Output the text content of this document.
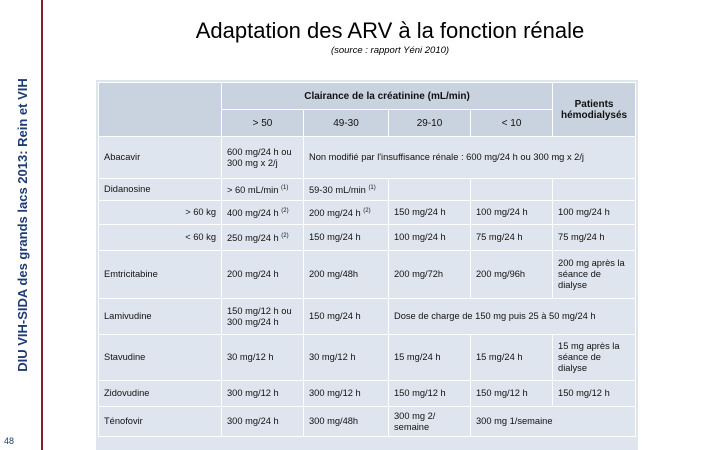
DIU VIH-SIDA des grands lacs 2013: Rein et VIH
48
Adaptation des ARV à la fonction rénale
(source : rapport Yéni 2010)
	Clairance de la créatinine (mL/min)				Patients hémodialysés
	> 50	49-30	29-10	< 10	
Abacavir	600 mg/24 h ou 300 mg x 2/j	Non modifié par l'insuffisance rénale : 600 mg/24 h ou 300 mg x 2/j			
Didanosine	> 60 mL/min $^{(1)}$	59-30 mL/min $^{(1)}$			
> 60 kg	400 mg/24 h $^{(2)}$	200 mg/24 h $^{(2)}$	150 mg/24 h	100 mg/24 h	100 mg/24 h
< 60 kg	250 mg/24 h $^{(2)}$	150 mg/24 h	100 mg/24 h	75 mg/24 h	75 mg/24 h
Emtricitabine	200 mg/24 h	200 mg/48h	200 mg/72h	200 mg/96h	200 mg après la séance de dialyse
Lamivudine	150 mg/12 h ou 300 mg/24 h	150 mg/24 h	Dose de charge de 150 mg puis 25 à 50 mg/24 h		
Stavudine	30 mg/12 h	30 mg/12 h	15 mg/24 h	15 mg/24 h	15 mg après la séance de dialyse
Zidovudine	300 mg/12 h	300 mg/12 h	150 mg/12 h	150 mg/12 h	150 mg/12 h
Ténofovir	300 mg/24 h	300 mg/48h	300 mg 2/ semaine	300 mg 1/semaine	
